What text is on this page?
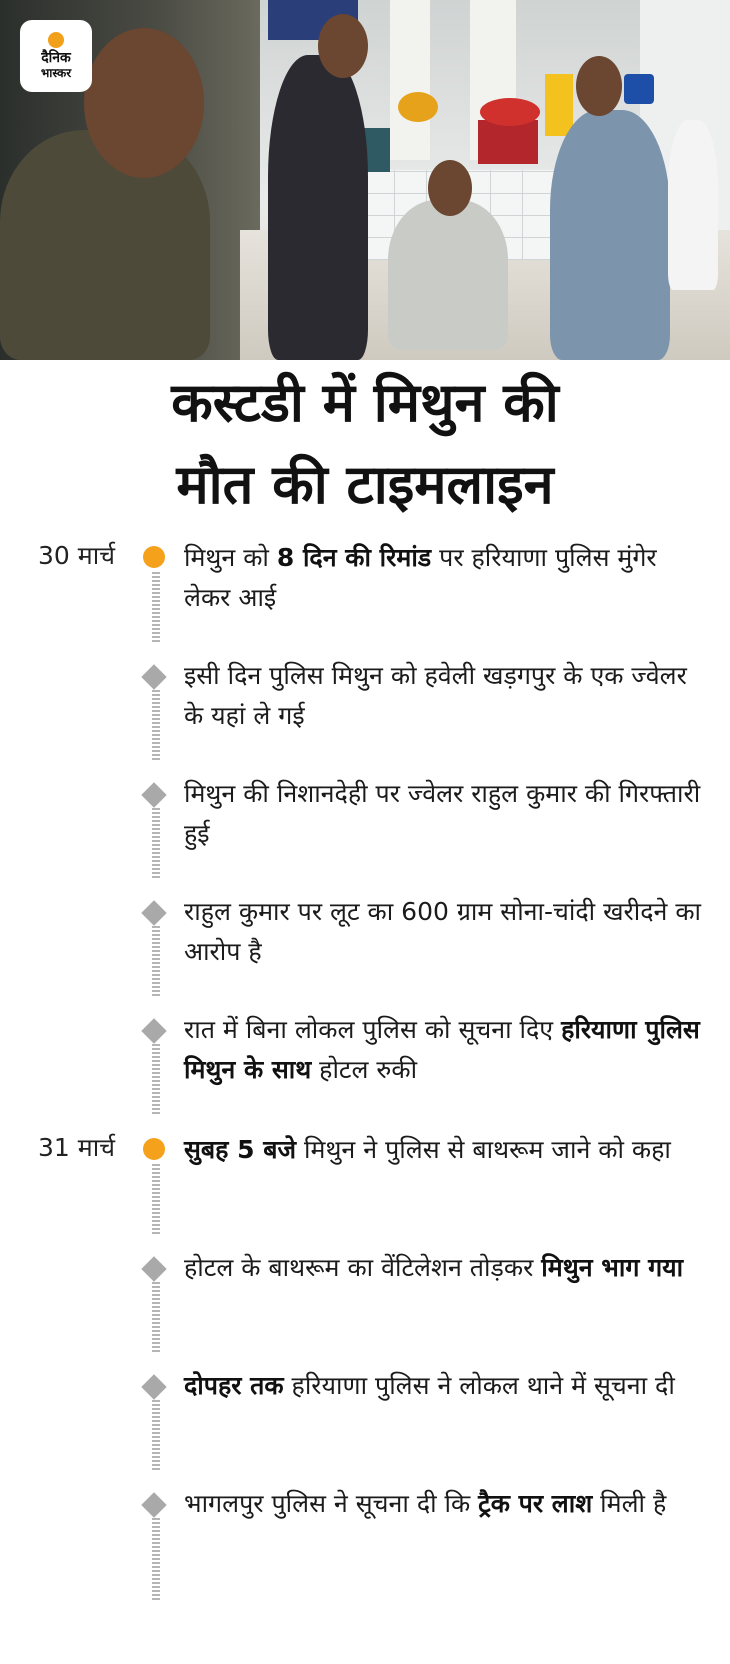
दैनिक
भास्कर
कस्टडी में मिथुन की
मौत की टाइमलाइन
30 मार्च	मिथुन को 8 दिन की रिमांड पर हरियाणा पुलिस मुंगेर लेकर आई
इसी दिन पुलिस मिथुन को हवेली खड़गपुर के एक ज्वेलर के यहां ले गई
मिथुन की निशानदेही पर ज्वेलर राहुल कुमार की गिरफ्तारी हुई
राहुल कुमार पर लूट का 600 ग्राम सोना-चांदी खरीदने का आरोप है
रात में बिना लोकल पुलिस को सूचना दिए हरियाणा पुलिस मिथुन के साथ होटल रुकी
31 मार्च	सुबह 5 बजे मिथुन ने पुलिस से बाथरूम जाने को कहा
होटल के बाथरूम का वेंटिलेशन तोड़कर मिथुन भाग गया
दोपहर तक हरियाणा पुलिस ने लोकल थाने में सूचना दी
भागलपुर पुलिस ने सूचना दी कि ट्रैक पर लाश मिली है
